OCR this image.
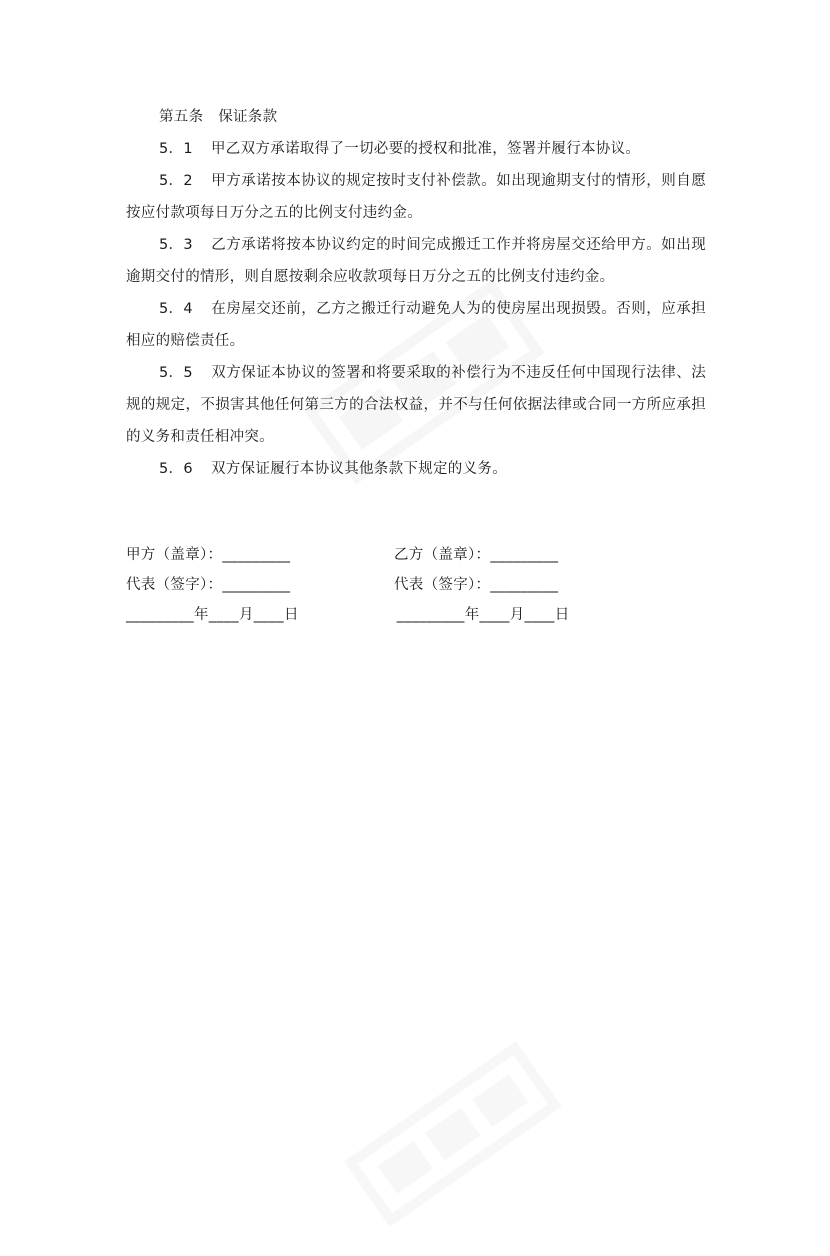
第五条　保证条款

5．1 甲乙双方承诺取得了一切必要的授权和批准，签署并履行本协议。

5．2 甲方承诺按本协议的规定按时支付补偿款。如出现逾期支付的情形，则自愿按应付款项每日万分之五的比例支付违约金。

5．3 乙方承诺将按本协议约定的时间完成搬迁工作并将房屋交还给甲方。如出现逾期交付的情形，则自愿按剩余应收款项每日万分之五的比例支付违约金。

5．4 在房屋交还前，乙方之搬迁行动避免人为的使房屋出现损毁。否则，应承担相应的赔偿责任。

5．5 双方保证本协议的签署和将要采取的补偿行为不违反任何中国现行法律、法规的规定，不损害其他任何第三方的合法权益，并不与任何依据法律或合同一方所应承担的义务和责任相冲突。

5．6 双方保证履行本协议其他条款下规定的义务。

甲方（盖章）：_________	乙方（盖章）：_________
代表（签字）：_________	代表（签字）：_________
_________年____月____日	_________年____月____日
